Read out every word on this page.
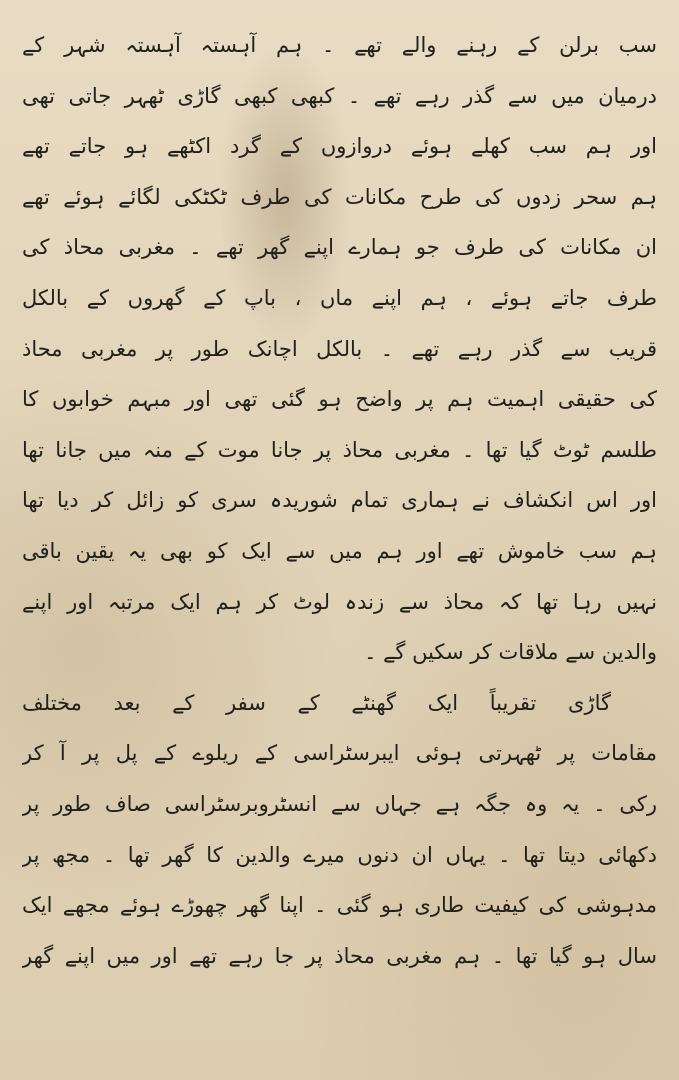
سب برلن کے رہنے والے تھے ۔ ہم آہستہ آہستہ شہر کے
درمیان میں سے گذر رہے تھے ۔ کبھی کبھی گاڑی ٹھہر جاتی تھی
اور ہم سب کھلے ہوئے دروازوں کے گرد اکٹھے ہو جاتے تھے
ہم سحر زدوں کی طرح مکانات کی طرف ٹکٹکی لگائے ہوئے تھے
ان مکانات کی طرف جو ہمارے اپنے گھر تھے ۔ مغربی محاذ کی
طرف جاتے ہوئے ، ہم اپنے ماں ، باپ کے گھروں کے بالکل
قریب سے گذر رہے تھے ۔ بالکل اچانک طور پر مغربی محاذ
کی حقیقی اہمیت ہم پر واضح ہو گئی تھی اور مبہم خوابوں کا
طلسم ٹوٹ گیا تھا ۔ مغربی محاذ پر جانا موت کے منہ میں جانا تھا
اور اس انکشاف نے ہماری تمام شوریدہ سری کو زائل کر دیا تھا
ہم سب خاموش تھے اور ہم میں سے ایک کو بھی یہ یقین باقی
نہیں رہا تھا کہ محاذ سے زندہ لوٹ کر ہم ایک مرتبہ اور اپنے
والدین سے ملاقات کر سکیں گے ۔
گاڑی تقریباً ایک گھنٹے کے سفر کے بعد مختلف
مقامات پر ٹھہرتی ہوئی ایبرسٹراسی کے ریلوے کے پل پر آ کر
رکی ۔ یہ وہ جگہ ہے جہاں سے انسٹروبرسٹراسی صاف طور پر
دکھائی دیتا تھا ۔ یہاں ان دنوں میرے والدین کا گھر تھا ۔ مجھ پر
مدہوشی کی کیفیت طاری ہو گئی ۔ اپنا گھر چھوڑے ہوئے مجھے ایک
سال ہو گیا تھا ۔ ہم مغربی محاذ پر جا رہے تھے اور میں اپنے گھر
